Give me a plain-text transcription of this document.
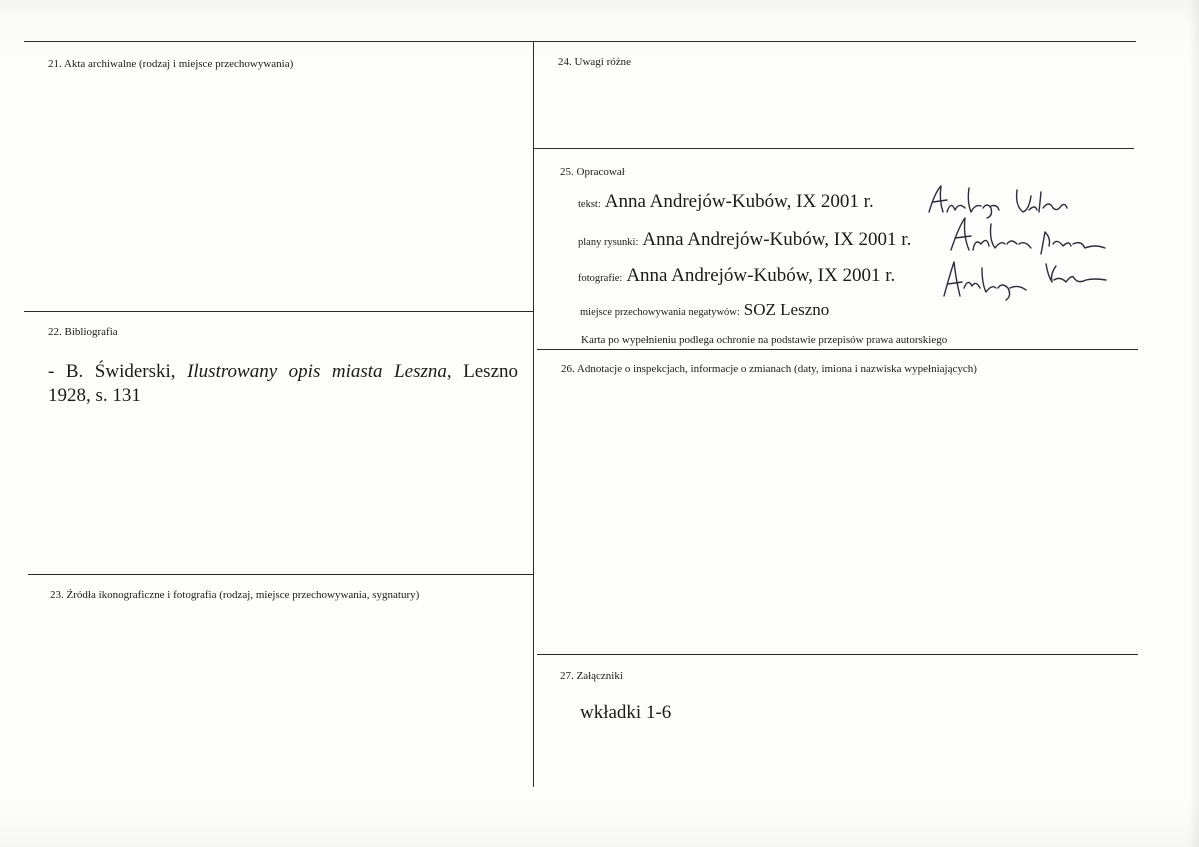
21. Akta archiwalne (rodzaj i miejsce przechowywania)
22. Bibliografia
- B. Świderski, Ilustrowany opis miasta Leszna, Leszno 1928, s. 131
23. Źródła ikonograficzne i fotografia (rodzaj, miejsce przechowywania, sygnatury)
24. Uwagi różne
25. Opracował
tekst: Anna Andrejów-Kubów, IX 2001 r.
plany rysunki: Anna Andrejów-Kubów, IX 2001 r.
fotografie: Anna Andrejów-Kubów, IX 2001 r.
miejsce przechowywania negatywów: SOZ Leszno
Karta po wypełnieniu podlega ochronie na podstawie przepisów prawa autorskiego
26. Adnotacje o inspekcjach, informacje o zmianach (daty, imiona i nazwiska wypełniających)
27. Załączniki
wkładki 1-6
